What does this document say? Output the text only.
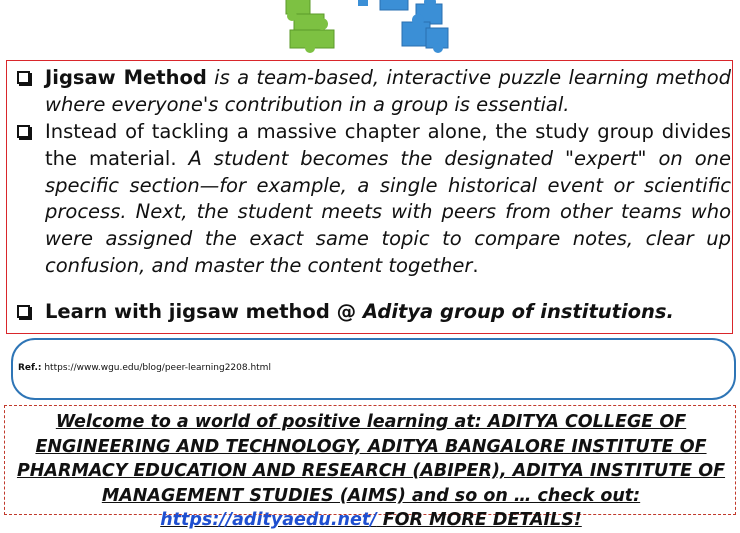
Jigsaw Method is a team-based, interactive puzzle learning method where everyone's contribution in a group is essential.
Instead of tackling a massive chapter alone, the study group divides the material. A student becomes the designated "expert" on one specific section—for example, a single historical event or scientific process. Next, the student meets with peers from other teams who were assigned the exact same topic to compare notes, clear up confusion, and master the content together.
Learn with jigsaw method @ Aditya group of institutions.
Ref.: https://www.wgu.edu/blog/peer-learning2208.html
Welcome to a world of positive learning at: ADITYA COLLEGE OF ENGINEERING AND TECHNOLOGY, ADITYA BANGALORE INSTITUTE OF PHARMACY EDUCATION AND RESEARCH (ABIPER), ADITYA INSTITUTE OF MANAGEMENT STUDIES (AIMS) and so on … check out: https://adityaedu.net/ FOR MORE DETAILS!
